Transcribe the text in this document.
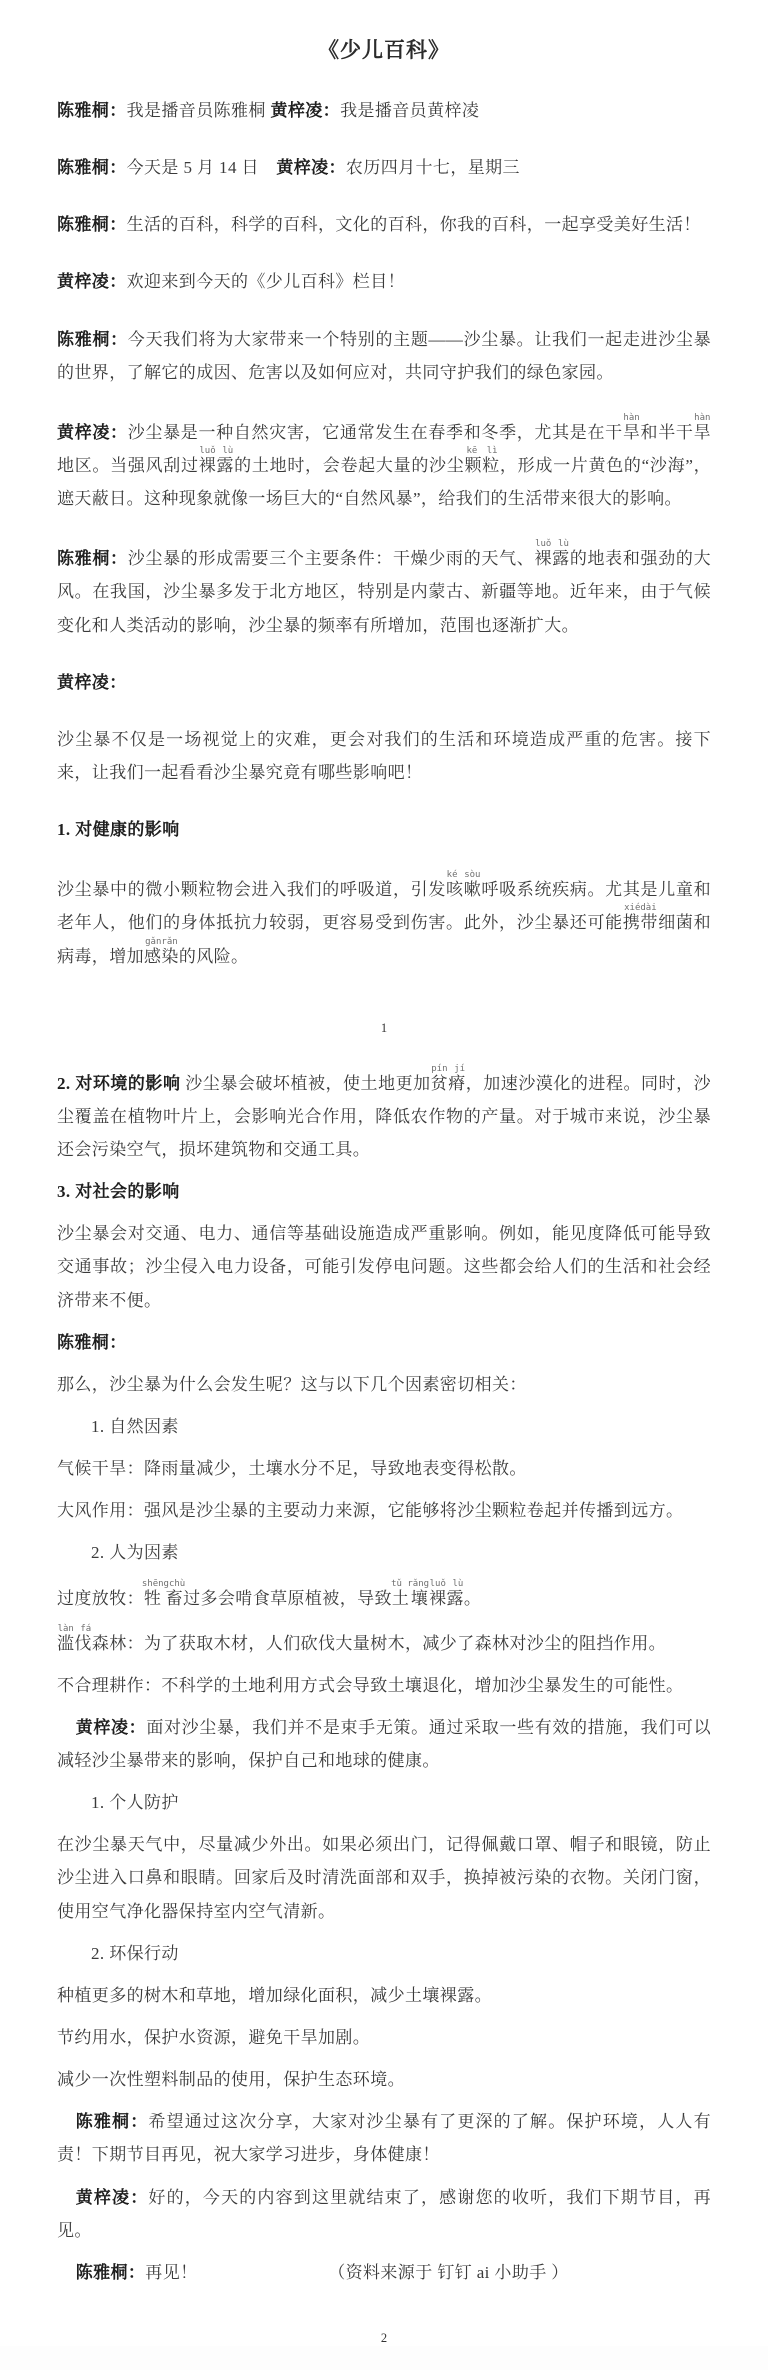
《少儿百科》

陈雅桐：我是播音员陈雅桐 黄梓凌：我是播音员黄梓凌

陈雅桐：今天是 5 月 14 日　黄梓凌：农历四月十七，星期三

陈雅桐：生活的百科，科学的百科，文化的百科，你我的百科，一起享受美好生活！

黄梓凌：欢迎来到今天的《少儿百科》栏目！

陈雅桐：今天我们将为大家带来一个特别的主题——沙尘暴。让我们一起走进沙尘暴的世界，了解它的成因、危害以及如何应对，共同守护我们的绿色家园。

黄梓凌：沙尘暴是一种自然灾害，它通常发生在春季和冬季，尤其是在干旱hàn和半干旱hàn地区。当强风刮过裸露luǒ lù的土地时，会卷起大量的沙尘颗粒kē lì，形成一片黄色的“沙海”，遮天蔽日。这种现象就像一场巨大的“自然风暴”，给我们的生活带来很大的影响。

陈雅桐：沙尘暴的形成需要三个主要条件：干燥少雨的天气、裸露luǒ lù的地表和强劲的大风。在我国，沙尘暴多发于北方地区，特别是内蒙古、新疆等地。近年来，由于气候变化和人类活动的影响，沙尘暴的频率有所增加，范围也逐渐扩大。

黄梓凌：

沙尘暴不仅是一场视觉上的灾难，更会对我们的生活和环境造成严重的危害。接下来，让我们一起看看沙尘暴究竟有哪些影响吧！

1. 对健康的影响

沙尘暴中的微小颗粒物会进入我们的呼吸道，引发咳嗽ké sòu呼吸系统疾病。尤其是儿童和老年人，他们的身体抵抗力较弱，更容易受到伤害。此外，沙尘暴还可能携带xiédài细菌和病毒，增加感染gǎnrǎn的风险。

1

2. 对环境的影响 沙尘暴会破坏植被，使土地更加贫瘠pín jí，加速沙漠化的进程。同时，沙尘覆盖在植物叶片上，会影响光合作用，降低农作物的产量。对于城市来说，沙尘暴还会污染空气，损坏建筑物和交通工具。

3. 对社会的影响

沙尘暴会对交通、电力、通信等基础设施造成严重影响。例如，能见度降低可能导致交通事故；沙尘侵入电力设备，可能引发停电问题。这些都会给人们的生活和社会经济带来不便。

陈雅桐：

那么，沙尘暴为什么会发生呢？这与以下几个因素密切相关：

1. 自然因素

气候干旱：降雨量减少，土壤水分不足，导致地表变得松散。

大风作用：强风是沙尘暴的主要动力来源，它能够将沙尘颗粒卷起并传播到远方。

2. 人为因素

过度放牧：牲畜shēngchù过多会啃食草原植被，导致土壤tǔ rǎng裸露luǒ lù。

滥伐làn fá森林：为了获取木材，人们砍伐大量树木，减少了森林对沙尘的阻挡作用。

不合理耕作：不科学的土地利用方式会导致土壤退化，增加沙尘暴发生的可能性。

黄梓凌：面对沙尘暴，我们并不是束手无策。通过采取一些有效的措施，我们可以减轻沙尘暴带来的影响，保护自己和地球的健康。

1. 个人防护

在沙尘暴天气中，尽量减少外出。如果必须出门，记得佩戴口罩、帽子和眼镜，防止沙尘进入口鼻和眼睛。回家后及时清洗面部和双手，换掉被污染的衣物。关闭门窗，使用空气净化器保持室内空气清新。

2. 环保行动

种植更多的树木和草地，增加绿化面积，减少土壤裸露。

节约用水，保护水资源，避免干旱加剧。

减少一次性塑料制品的使用，保护生态环境。

陈雅桐：希望通过这次分享，大家对沙尘暴有了更深的了解。保护环境，人人有责！下期节目再见，祝大家学习进步，身体健康！

黄梓凌：好的，今天的内容到这里就结束了，感谢您的收听，我们下期节目，再见。

陈雅桐：再见！　　　　　　　　（资料来源于 钉钉 ai 小助手 ）

2
